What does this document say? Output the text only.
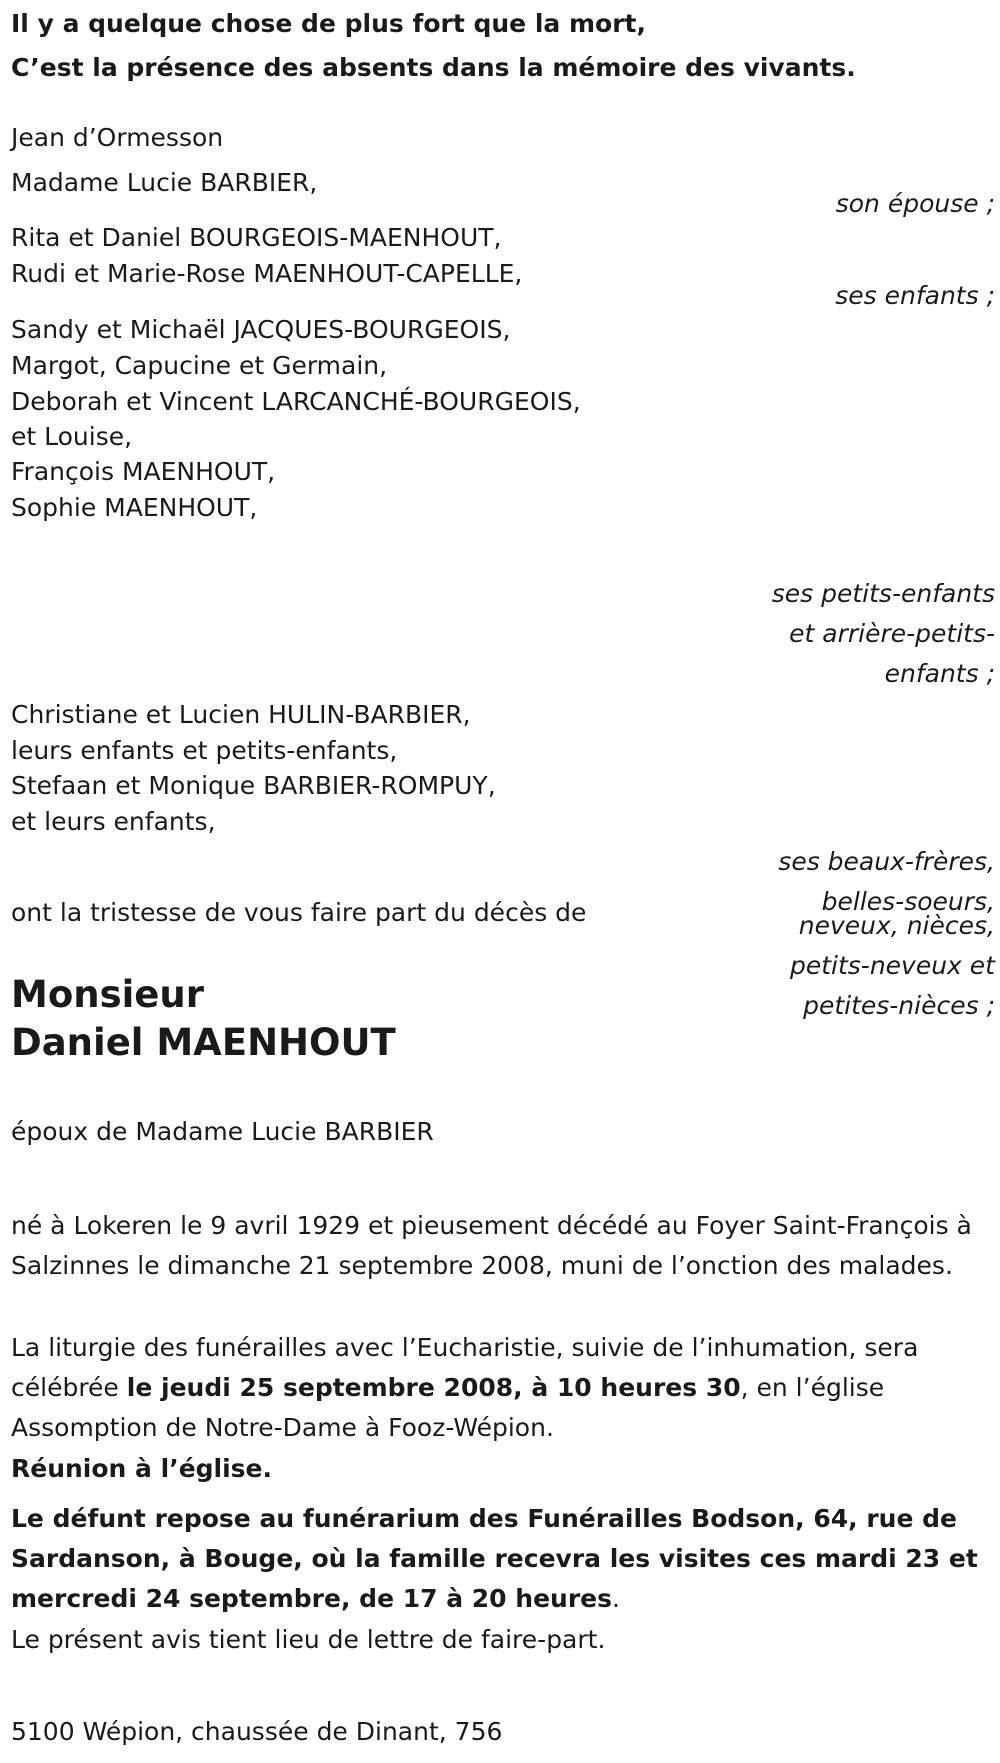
Il y a quelque chose de plus fort que la mort,
C’est la présence des absents dans la mémoire des vivants.
Jean d’Ormesson
Madame Lucie BARBIER,
son épouse ;
Rita et Daniel BOURGEOIS-MAENHOUT,
Rudi et Marie-Rose MAENHOUT-CAPELLE,
ses enfants ;
Sandy et Michaël JACQUES-BOURGEOIS,
Margot, Capucine et Germain,
Deborah et Vincent LARCANCHÉ-BOURGEOIS,
et Louise,
François MAENHOUT,
Sophie MAENHOUT,
ses petits-enfants
et arrière-petits-
enfants ;
Christiane et Lucien HULIN-BARBIER,
leurs enfants et petits-enfants,
Stefaan et Monique BARBIER-ROMPUY,
et leurs enfants,
ses beaux-frères,
belles-soeurs,
neveux, nièces,
petits-neveux et
petites-nièces ;
ont la tristesse de vous faire part du décès de
Monsieur
Daniel MAENHOUT
époux de Madame Lucie BARBIER
né à Lokeren le 9 avril 1929 et pieusement décédé au Foyer Saint-François à Salzinnes le dimanche 21 septembre 2008, muni de l’onction des malades.
La liturgie des funérailles avec l’Eucharistie, suivie de l’inhumation, sera célébrée le jeudi 25 septembre 2008, à 10 heures 30, en l’église Assomption de Notre-Dame à Fooz-Wépion.
Réunion à l’église.
Le défunt repose au funérarium des Funérailles Bodson, 64, rue de Sardanson, à Bouge, où la famille recevra les visites ces mardi 23 et mercredi 24 septembre, de 17 à 20 heures.
Le présent avis tient lieu de lettre de faire-part.
5100 Wépion, chaussée de Dinant, 756
